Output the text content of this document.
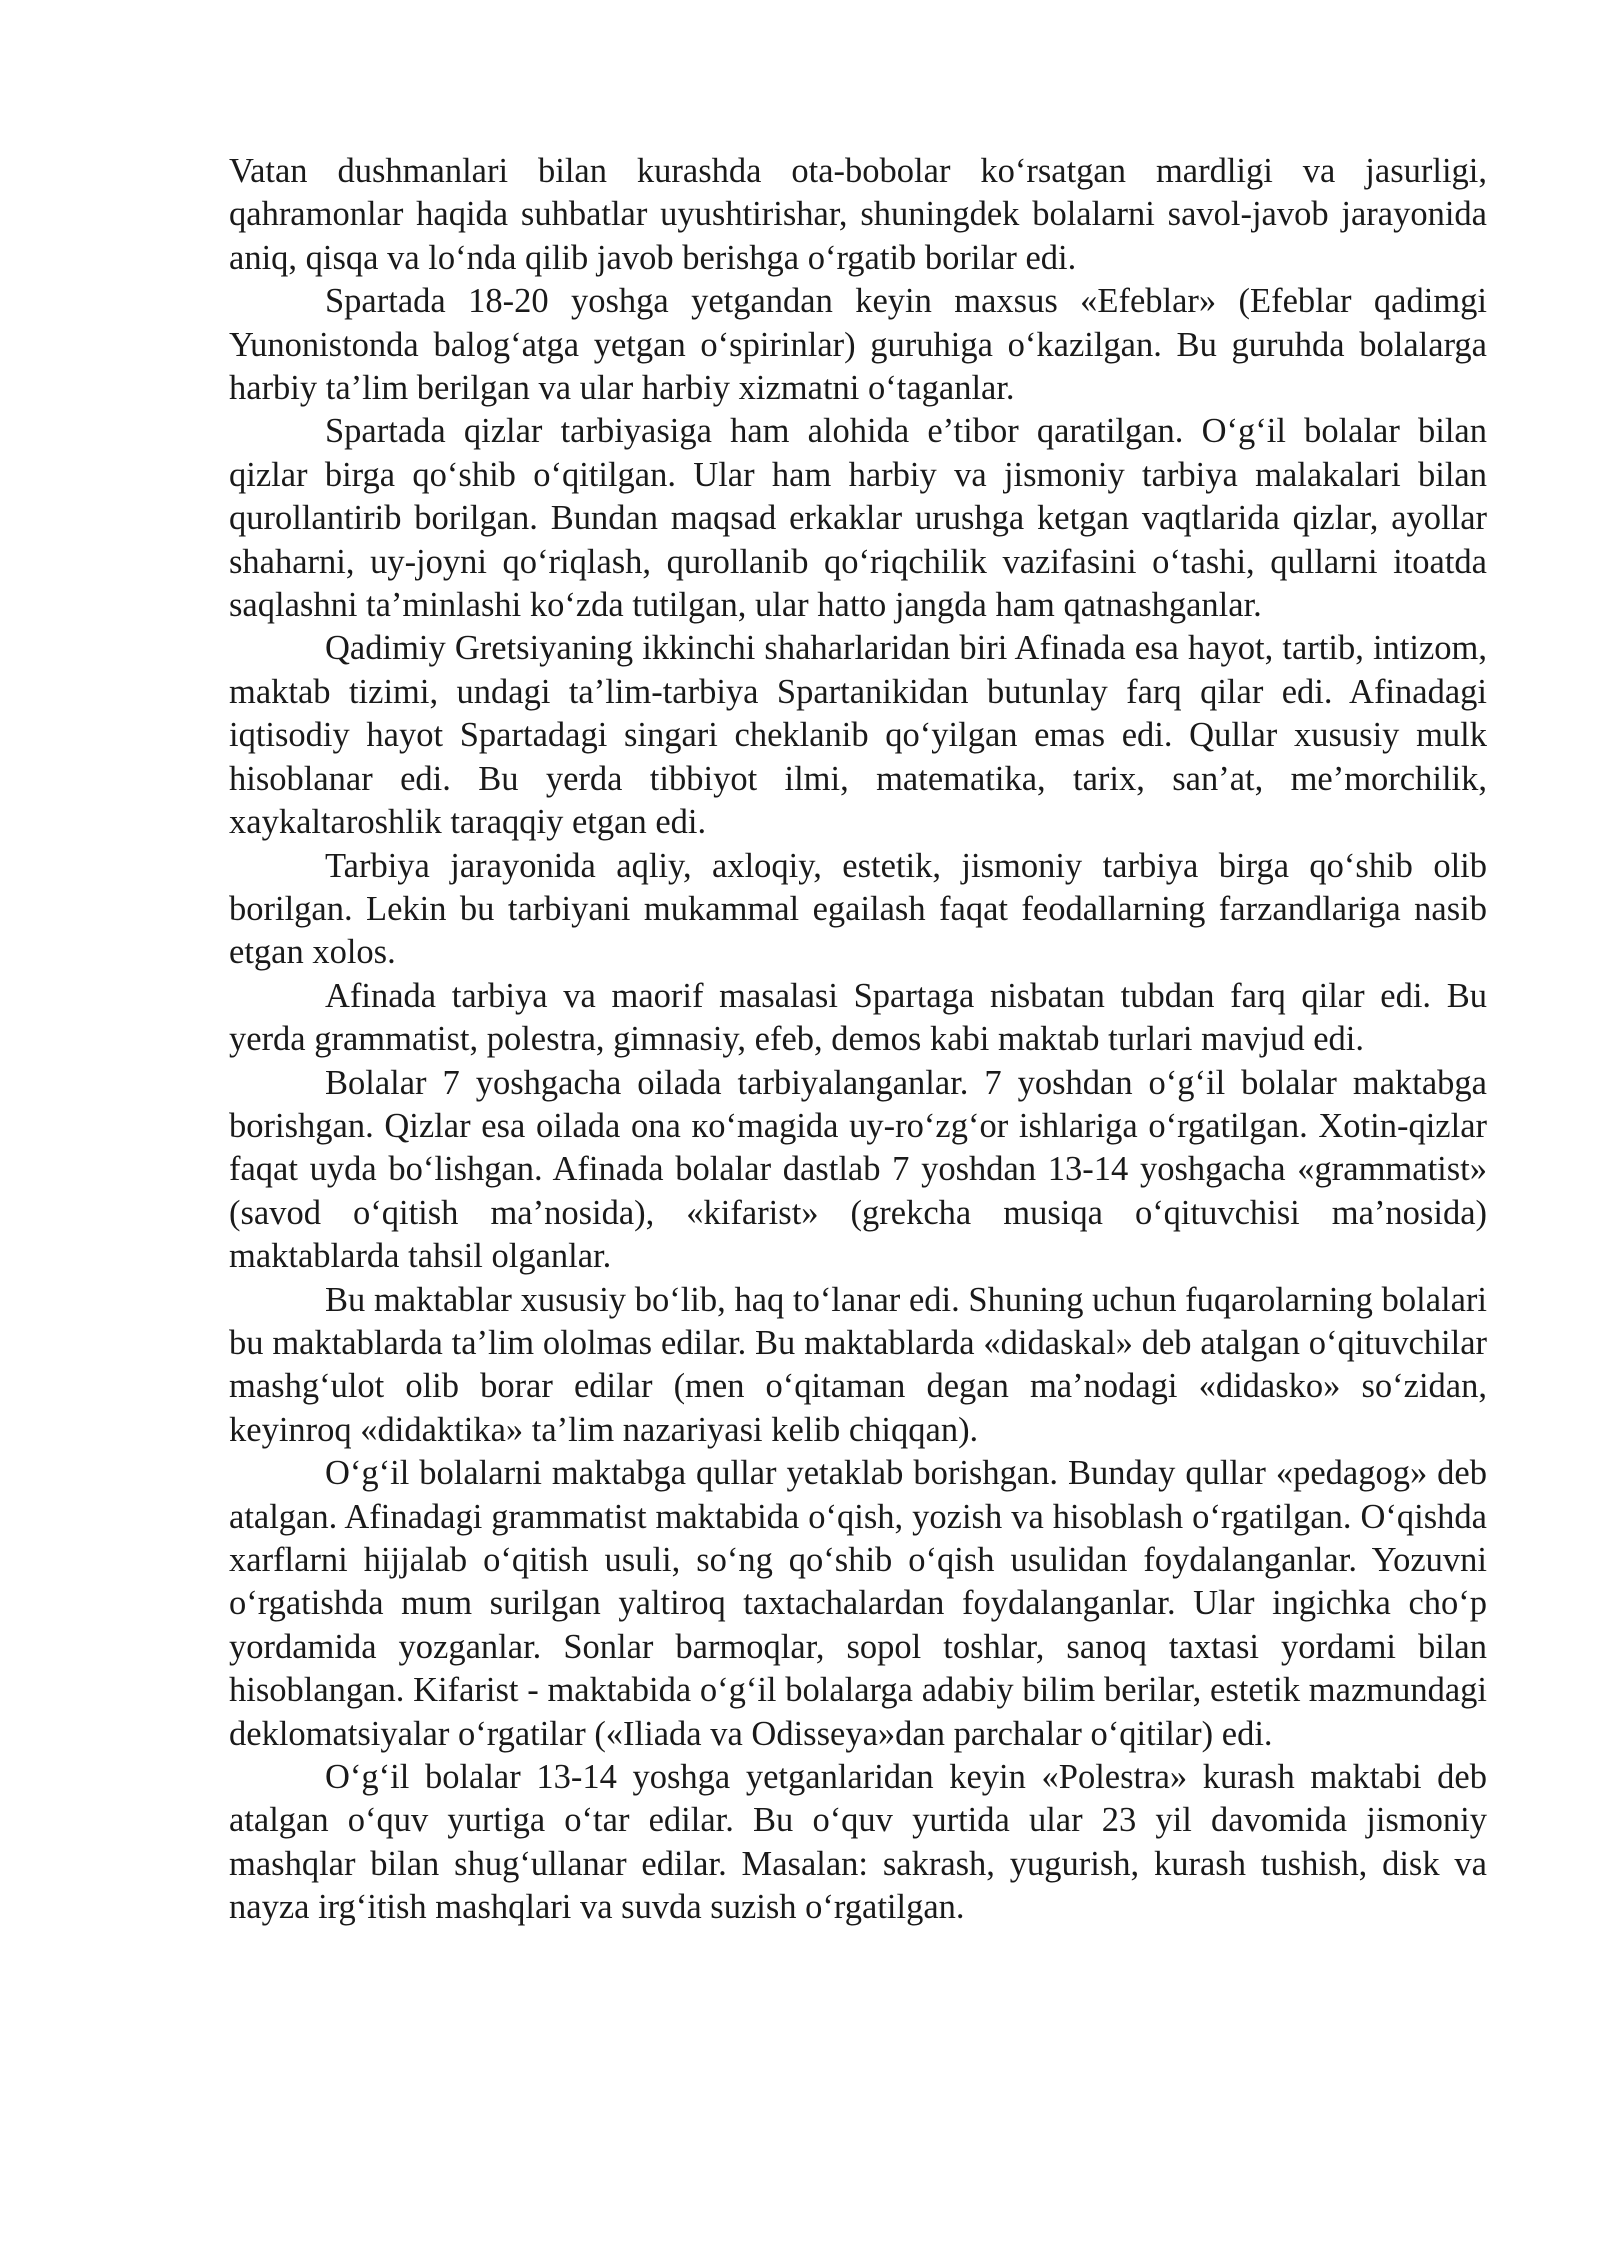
Vatan dushmanlari bilan kurashda ota-bobolar ko‘rsatgan mardligi va jasurligi, qahramonlar haqida suhbatlar uyushtirishar, shuningdek bolalarni savol-javob jarayonida aniq, qisqa va lo‘nda qilib javob berishga o‘rgatib borilar edi.

Spartada 18-20 yoshga yetgandan keyin maxsus «Efeblar» (Efeblar qadimgi Yunonistonda balog‘atga yetgan o‘spirinlar) guruhiga o‘kazilgan. Bu guruhda bolalarga harbiy ta’lim berilgan va ular harbiy xizmatni o‘taganlar.

Spartada qizlar tarbiyasiga ham alohida e’tibor qaratilgan. O‘g‘il bolalar bilan qizlar birga qo‘shib o‘qitilgan. Ular ham harbiy va jismoniy tarbiya malakalari bilan qurollantirib borilgan. Bundan maqsad erkaklar urushga ketgan vaqtlarida qizlar, ayollar shaharni, uy-joyni qo‘riqlash, qurollanib qo‘riqchilik vazifasini o‘tashi, qullarni itoatda saqlashni ta’minlashi ko‘zda tutilgan, ular hatto jangda ham qatnashganlar.

Qadimiy Gretsiyaning ikkinchi shaharlaridan biri Afinada esa hayot, tartib, intizom, maktab tizimi, undagi ta’lim-tarbiya Spartanikidan butunlay farq qilar edi. Afinadagi iqtisodiy hayot Spartadagi singari cheklanib qo‘yilgan emas edi. Qullar xususiy mulk hisoblanar edi. Bu yerda tibbiyot ilmi, matematika, tarix, san’at, me’morchilik, xaykaltaroshlik taraqqiy etgan edi.

Tarbiya jarayonida aqliy, axloqiy, estetik, jismoniy tarbiya birga qo‘shib olib borilgan. Lekin bu tarbiyani mukammal egailash faqat feodallarning farzandlariga nasib etgan xolos.

Afinada tarbiya va maorif masalasi Spartaga nisbatan tubdan farq qilar edi. Bu yerda grammatist, polestra, gimnasiy, efeb, demos kabi maktab turlari mavjud edi.

Bolalar 7 yoshgacha oilada tarbiyalanganlar. 7 yoshdan o‘g‘il bolalar maktabga borishgan. Qizlar esa oilada ona кo‘magida uy-ro‘zg‘or ishlariga o‘rgatilgan. Xotin-qizlar faqat uyda bo‘lishgan. Afinada bolalar dastlab 7 yoshdan 13-14 yoshgacha «grammatist» (savod o‘qitish ma’nosida), «kifarist» (grekcha musiqa o‘qituvchisi ma’nosida) maktablarda tahsil olganlar.

Bu maktablar xususiy bo‘lib, haq to‘lanar edi. Shuning uchun fuqarolarning bolalari bu maktablarda ta’lim ololmas edilar. Bu maktablarda «didaskal» deb atalgan o‘qituvchilar mashg‘ulot olib borar edilar (men o‘qitaman degan ma’nodagi «didasko» so‘zidan, keyinroq «didaktika» ta’lim nazariyasi kelib chiqqan).

O‘g‘il bolalarni maktabga qullar yetaklab borishgan. Bunday qullar «pedagog» deb atalgan. Afinadagi grammatist maktabida o‘qish, yozish va hisoblash o‘rgatilgan. O‘qishda xarflarni hijjalab o‘qitish usuli, so‘ng qo‘shib o‘qish usulidan foydalanganlar. Yozuvni o‘rgatishda mum surilgan yaltiroq taxtachalardan foydalanganlar. Ular ingichka cho‘p yordamida yozganlar. Sonlar barmoqlar, sopol toshlar, sanoq taxtasi yordami bilan hisoblangan. Kifarist - maktabida o‘g‘il bolalarga adabiy bilim berilar, estetik mazmundagi deklomatsiyalar o‘rgatilar («Iliada va Odisseya»dan parchalar o‘qitilar) edi.

O‘g‘il bolalar 13-14 yoshga yetganlaridan keyin «Polestra» kurash maktabi deb atalgan o‘quv yurtiga o‘tar edilar. Bu o‘quv yurtida ular 23 yil davomida jismoniy mashqlar bilan shug‘ullanar edilar. Masalan: sakrash, yugurish, kurash tushish, disk va nayza irg‘itish mashqlari va suvda suzish o‘rgatilgan.
